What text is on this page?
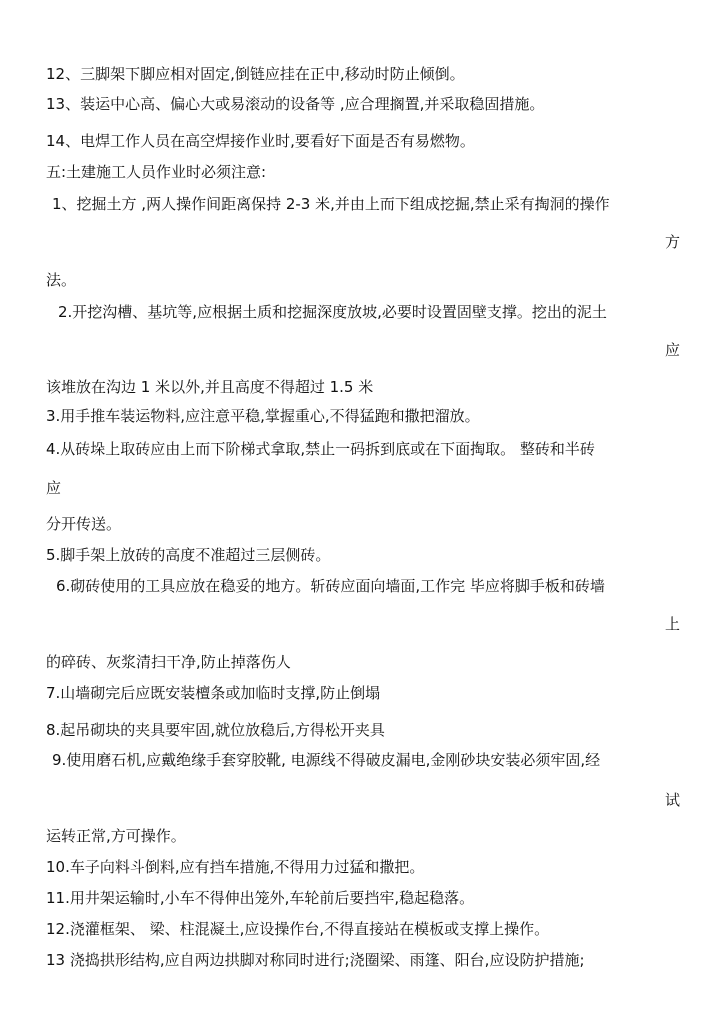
12、三脚架下脚应相对固定,倒链应挂在正中,移动时防止倾倒。
13、装运中心高、偏心大或易滚动的设备等 ,应合理搁置,并采取稳固措施。
14、电焊工作人员在高空焊接作业时,要看好下面是否有易燃物。
五:土建施工人员作业时必须注意:
1、挖掘土方 ,两人操作间距离保持 2-3 米,并由上而下组成挖掘,禁止采有掏洞的操作
方
法。
2.开挖沟槽、基坑等,应根据土质和挖掘深度放坡,必要时设置固壁支撑。挖出的泥土
应
该堆放在沟边 1 米以外,并且高度不得超过 1.5 米
3.用手推车装运物料,应注意平稳,掌握重心,不得猛跑和撒把溜放。
4.从砖垛上取砖应由上而下阶梯式拿取,禁止一码拆到底或在下面掏取。 整砖和半砖
应
分开传送。
5.脚手架上放砖的高度不准超过三层侧砖。
6.砌砖使用的工具应放在稳妥的地方。斩砖应面向墙面,工作完 毕应将脚手板和砖墙
上
的碎砖、灰浆清扫干净,防止掉落伤人
7.山墙砌完后应既安装檀条或加临时支撑,防止倒塌
8.起吊砌块的夹具要牢固,就位放稳后,方得松开夹具
9.使用磨石机,应戴绝缘手套穿胶靴, 电源线不得破皮漏电,金刚砂块安装必须牢固,经
试
运转正常,方可操作。
10.车子向料斗倒料,应有挡车措施,不得用力过猛和撒把。
11.用井架运输时,小车不得伸出笼外,车轮前后要挡牢,稳起稳落。
12.浇灌框架、 梁、柱混凝土,应设操作台,不得直接站在模板或支撑上操作。
13 浇捣拱形结构,应自两边拱脚对称同时进行;浇圈梁、雨篷、阳台,应设防护措施;
